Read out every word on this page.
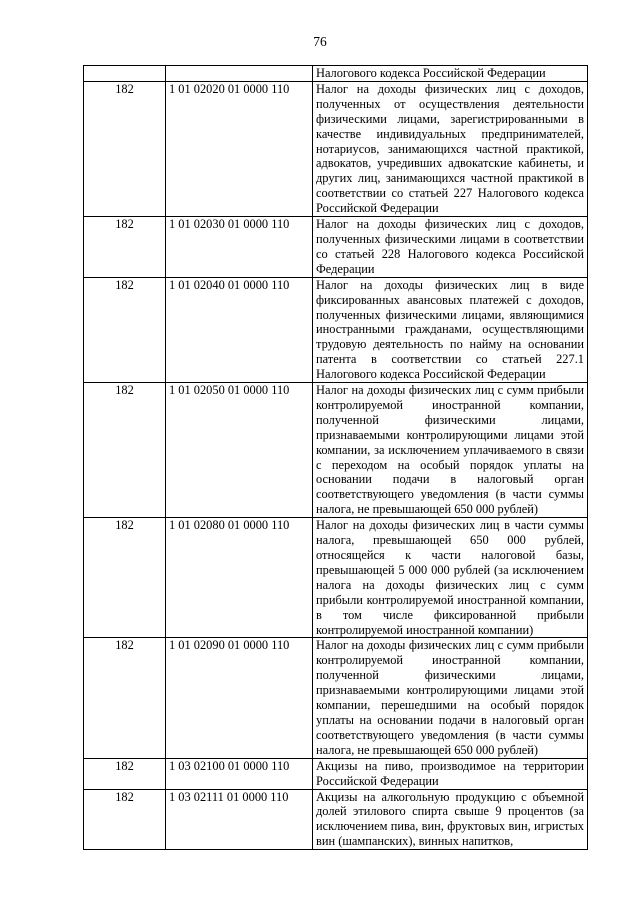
76
		Налогового кодекса Российской Федерации
182	1 01 02020 01 0000 110	Налог на доходы физических лиц с доходов, полученных от осуществления деятельности физическими лицами, зарегистрированными в качестве индивидуальных предпринимателей, нотариусов, занимающихся частной практикой, адвокатов, учредивших адвокатские кабинеты, и других лиц, занимающихся частной практикой в соответствии со статьей 227 Налогового кодекса Российской Федерации
182	1 01 02030 01 0000 110	Налог на доходы физических лиц с доходов, полученных физическими лицами в соответствии со статьей 228 Налогового кодекса Российской Федерации
182	1 01 02040 01 0000 110	Налог на доходы физических лиц в виде фиксированных авансовых платежей с доходов, полученных физическими лицами, являющимися иностранными гражданами, осуществляющими трудовую деятельность по найму на основании патента в соответствии со статьей 227.1 Налогового кодекса Российской Федерации
182	1 01 02050 01 0000 110	Налог на доходы физических лиц с сумм прибыли контролируемой иностранной компании, полученной физическими лицами, признаваемыми контролирующими лицами этой компании, за исключением уплачиваемого в связи с переходом на особый порядок уплаты на основании подачи в налоговый орган соответствующего уведомления (в части суммы налога, не превышающей 650 000 рублей)
182	1 01 02080 01 0000 110	Налог на доходы физических лиц в части суммы налога, превышающей 650 000 рублей, относящейся к части налоговой базы, превышающей 5 000 000 рублей (за исключением налога на доходы физических лиц с сумм прибыли контролируемой иностранной компании, в том числе фиксированной прибыли контролируемой иностранной компании)
182	1 01 02090 01 0000 110	Налог на доходы физических лиц с сумм прибыли контролируемой иностранной компании, полученной физическими лицами, признаваемыми контролирующими лицами этой компании, перешедшими на особый порядок уплаты на основании подачи в налоговый орган соответствующего уведомления (в части суммы налога, не превышающей 650 000 рублей)
182	1 03 02100 01 0000 110	Акцизы на пиво, производимое на территории Российской Федерации
182	1 03 02111 01 0000 110	Акцизы на алкогольную продукцию с объемной долей этилового спирта свыше 9 процентов (за исключением пива, вин, фруктовых вин, игристых вин (шампанских), винных напитков,
